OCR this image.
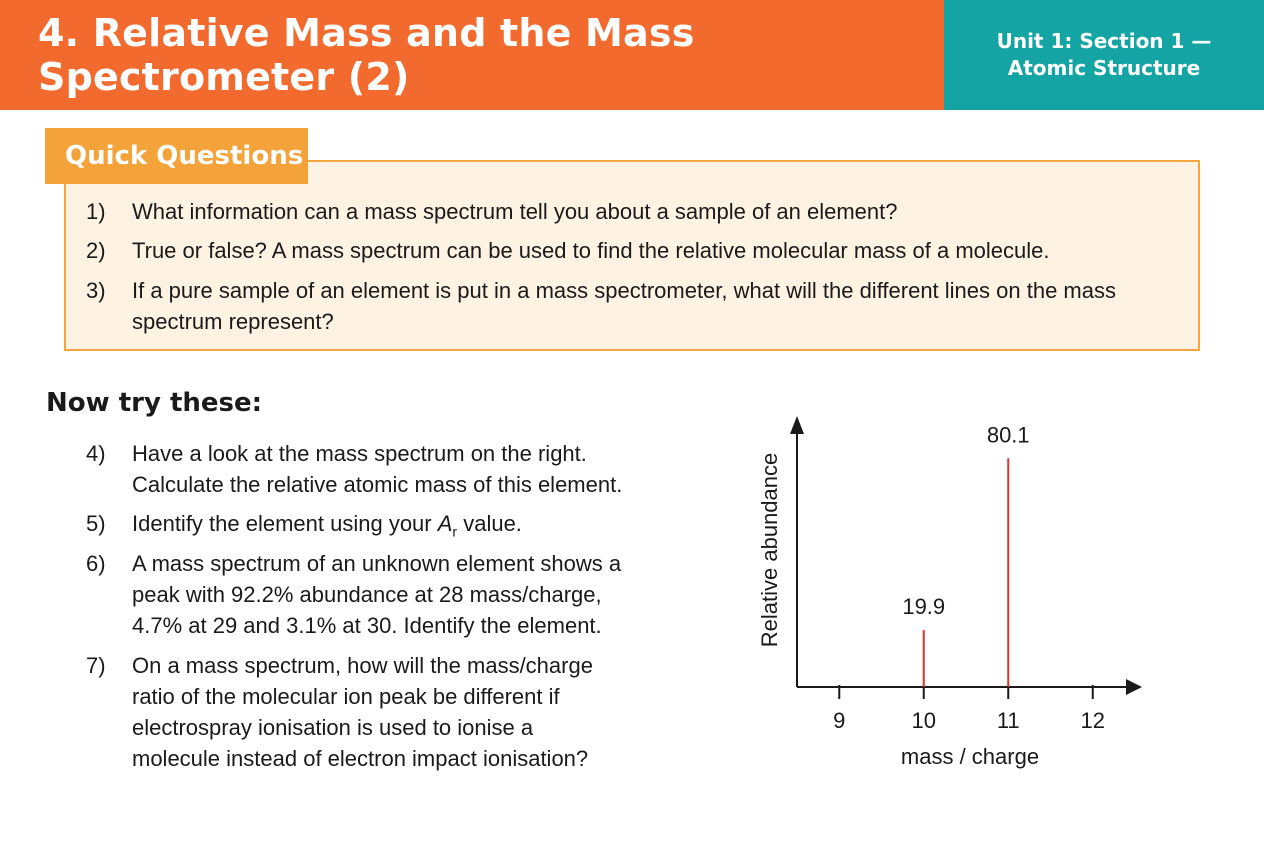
4. Relative Mass and the Mass Spectrometer (2)
Unit 1: Section 1 —
Atomic Structure
Quick Questions
1)	What information can a mass spectrum tell you about a sample of an element?
2)	True or false? A mass spectrum can be used to find the relative molecular mass of a molecule.
3)	If a pure sample of an element is put in a mass spectrometer, what will the different lines on the mass
spectrum represent?
Now try these:
4) Have a look at the mass spectrum on the right.
Calculate the relative atomic mass of this element.
5) Identify the element using your $A_r$ value.
6) A mass spectrum of an unknown element shows a
peak with 92.2% abundance at 28 mass/charge,
4.7% at 29 and 3.1% at 30. Identify the element.
7) On a mass spectrum, how will the mass/charge
ratio of the molecular ion peak be different if
electrospray ionisation is used to ionise a
molecule instead of electron impact ionisation?
9	10	11	12
19.9
80.1
mass / charge
Relative abundance
